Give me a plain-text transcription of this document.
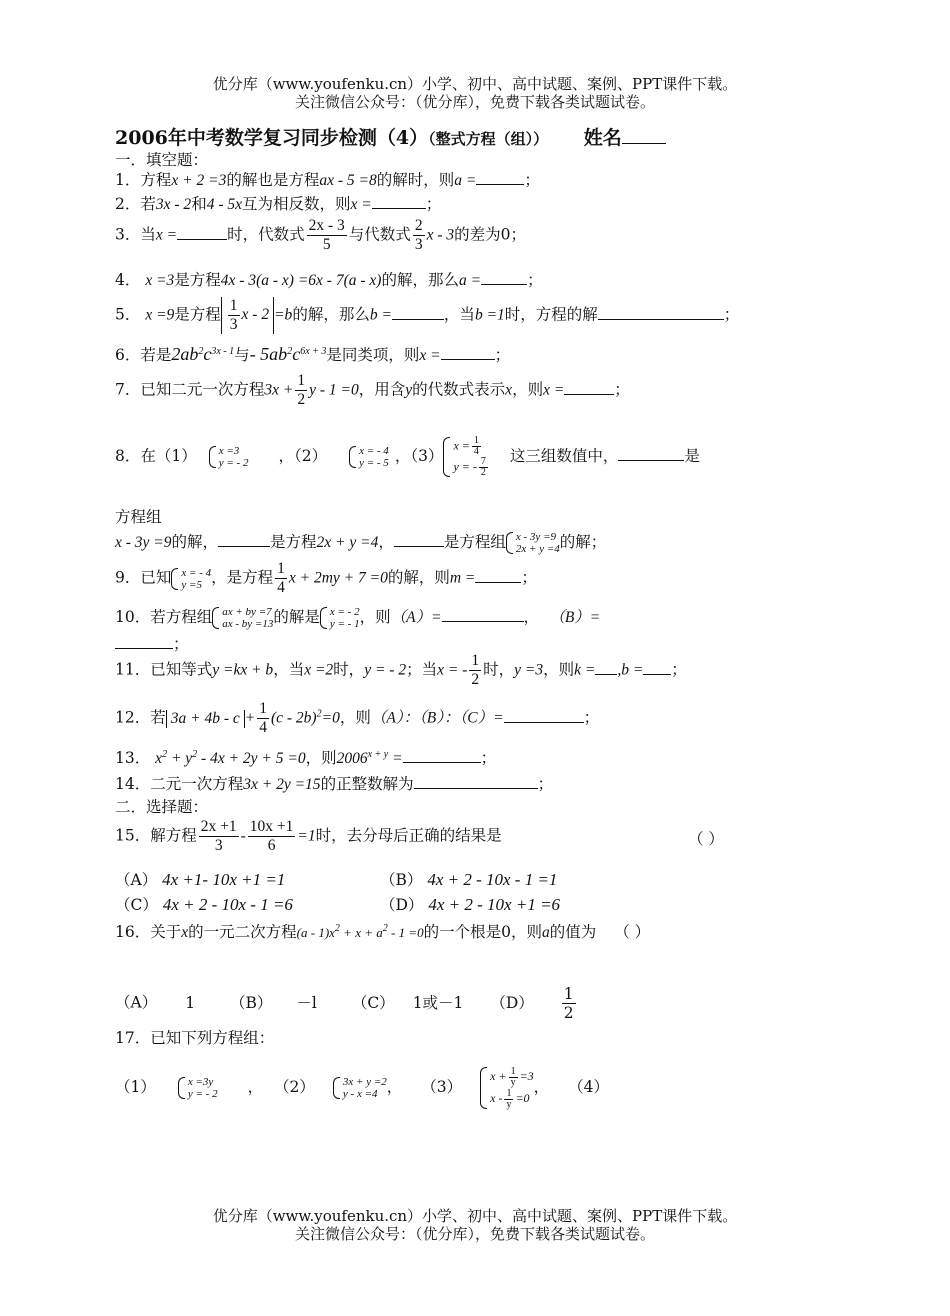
优分库（www.youfenku.cn）小学、初中、高中试题、案例、PPT课件下载。
关注微信公众号：（优分库），免费下载各类试题试卷。
2006年中考数学复习同步检测（4）（整式方程（组）） 姓名
一．填空题：
1．方程x + 2 =3的解也是方程ax - 5 =8的解时，则a =	；
2．若3x - 2和4 - 5x互为相反数，则x =	；
3．当x =	时，代数式 $\frac{2x - 3}{5}$ 与代数式 $\frac{2}{3}$ x - 3的差为0；
4． x =3是方程4x - 3(a - x) =6x - 7(a - x)的解，那么a =	；
5． x =9是方程 $\frac{1}{3}$ x - 2 =b的解，那么b =	，当b =1时，方程的解	；
6．若是$2ab^2c^{3x - 1}$与- $5ab^2c^{6x + 3}$是同类项，则x =	；
7．已知二元一次方程$3x + \frac{1}{2}$ y - 1 =0，用含y的代数式表示x，则x =	；
8．在（1） x =3
y = - 2 ，（2）	x = - 4
y = - 5 ，（3）
$x = \frac{1}{4}$
y = - $\frac{7}{2}$
这三组数值中，	是
方程组
x - 3y =9的解，	是方程2x + y =4，	是方程组 x - 3y =9
2x + y =4 的解；
9．已知 x = - 4
y =5 ，是方程 $\frac{1}{4}$ x + 2my + 7 =0的解，则m =	；
10．若方程组 ax + by =7
ax - by =13 的解是 x = - 2
y = - 1 ，则（A）=	， （B）=
；
11．已知等式y =kx + b，当x =2时，y = - 2；当x = - $\frac{1}{2}$ 时，y =3，则k = ,b = ；
12．若 $3a + 4b - c + \frac{1}{4} (c - 2b)^2=0$，则（A）：（B）：（C）=	；
13． $x^2 + y^2 - 4x + 2y + 5 =0$，则$2006^{x + y}$ =	；
14．二元一次方程3x + 2y =15的正整数解为	；
二．选择题：
15．解方程 $\frac{2x +1}{3} - \frac{10x +1}{6} =1$时，去分母后正确的结果是	（ ）
（A） 4x +1- 10x +1 =1	（B） 4x + 2 - 10x - 1 =1
（C） 4x + 2 - 10x - 1 =6	（D） 4x + 2 - 10x +1 =6
16．关于x的一元二次方程$(a - 1)x^2 + x + a^2 - 1 =0$的一个根是0，则a的值为 （ ）
（A） 1 （B） －l （C） 1或－1 $(D) \frac{1}{2}$
17．已知下列方程组：
（1）	x =3y
y = - 2 ， （2）	3x + y =2
y - x =4 ， （3）
$x + \frac{1}{y} =3$
$x - \frac{1}{y} =0$
， （4）
优分库（www.youfenku.cn）小学、初中、高中试题、案例、PPT课件下载。
关注微信公众号：（优分库），免费下载各类试题试卷。
